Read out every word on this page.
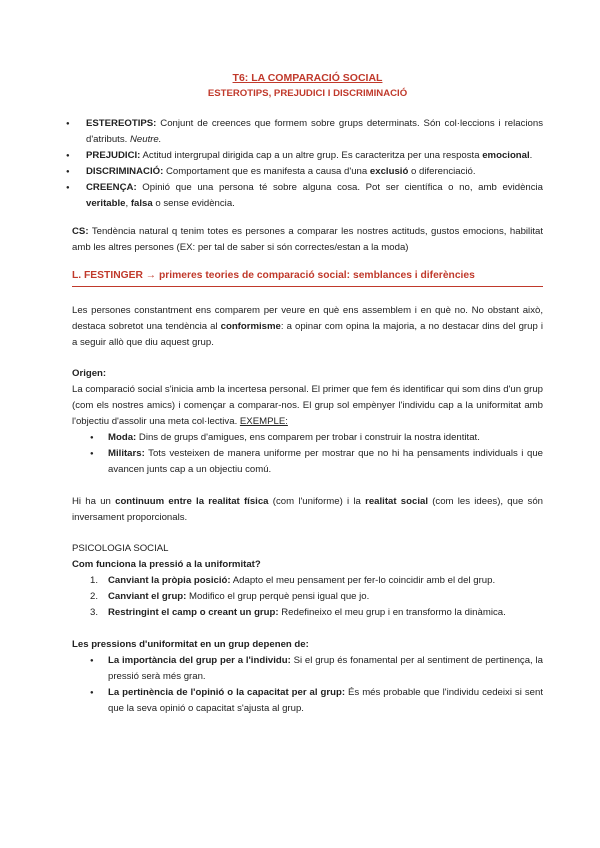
T6: LA COMPARACIÓ SOCIAL
ESTEROTIPS, PREJUDICI I DISCRIMINACIÓ
● ESTEREOTIPS: Conjunt de creences que formem sobre grups determinats. Són col·leccions i relacions d'atributs. Neutre.
● PREJUDICI: Actitud intergrupal dirigida cap a un altre grup. Es caracteritza per una resposta emocional.
● DISCRIMINACIÓ: Comportament que es manifesta a causa d'una exclusió o diferenciació.
● CREENÇA: Opinió que una persona té sobre alguna cosa. Pot ser científica o no, amb evidència veritable, falsa o sense evidència.

CS: Tendència natural q tenim totes es persones a comparar les nostres actituds, gustos emocions, habilitat amb les altres persones (EX: per tal de saber si són correctes/estan a la moda)

L. FESTINGER → primeres teories de comparació social: semblances i diferències

Les persones constantment ens comparem per veure en què ens assemblem i en què no. No obstant això, destaca sobretot una tendència al conformisme: a opinar com opina la majoria, a no destacar dins del grup i a seguir allò que diu aquest grup.

Origen:

La comparació social s'inicia amb la incertesa personal. El primer que fem és identificar qui som dins d'un grup (com els nostres amics) i començar a comparar-nos. El grup sol empènyer l'individu cap a la uniformitat amb l'objectiu d'assolir una meta col·lectiva. EXEMPLE:

● Moda: Dins de grups d'amigues, ens comparem per trobar i construir la nostra identitat.
● Militars: Tots vesteixen de manera uniforme per mostrar que no hi ha pensaments individuals i que avancen junts cap a un objectiu comú.

Hi ha un continuum entre la realitat física (com l'uniforme) i la realitat social (com les idees), que són inversament proporcionals.

PSICOLOGIA SOCIAL
Com funciona la pressió a la uniformitat?
1. Canviant la pròpia posició: Adapto el meu pensament per fer-lo coincidir amb el del grup.
2. Canviant el grup: Modifico el grup perquè pensi igual que jo.
3. Restringint el camp o creant un grup: Redefineixo el meu grup i en transformo la dinàmica.
Les pressions d'uniformitat en un grup depenen de:
● La importància del grup per a l'individu: Si el grup és fonamental per al sentiment de pertinença, la pressió serà més gran.
● La pertinència de l'opinió o la capacitat per al grup: És més probable que l'individu cedeixi si sent que la seva opinió o capacitat s'ajusta al grup.
